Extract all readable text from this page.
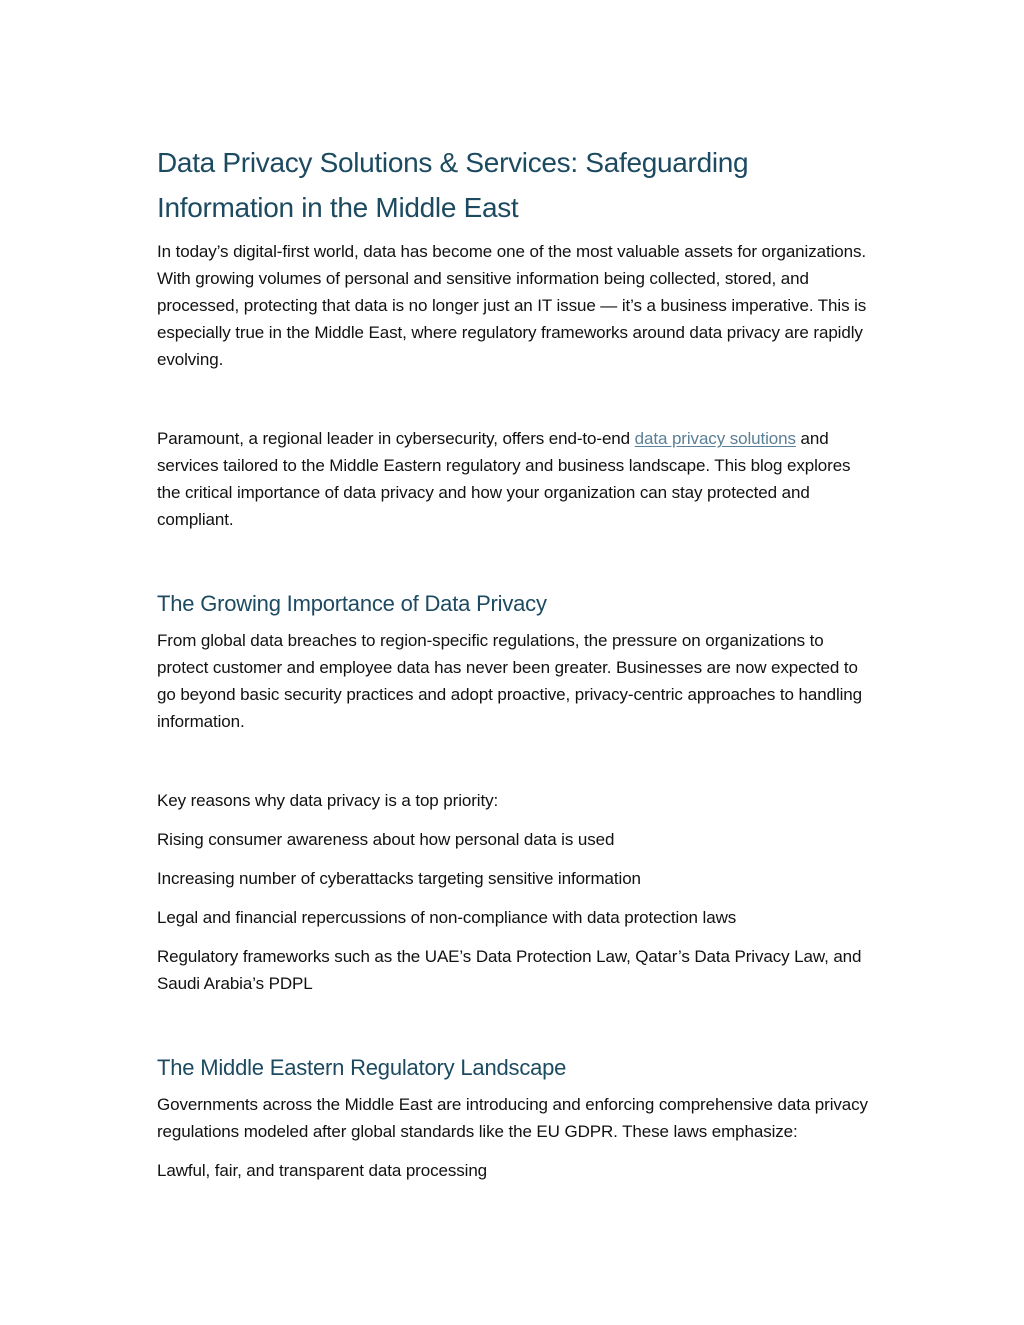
Data Privacy Solutions & Services: Safeguarding Information in the Middle East

In today’s digital-first world, data has become one of the most valuable assets for organizations. With growing volumes of personal and sensitive information being collected, stored, and processed, protecting that data is no longer just an IT issue — it’s a business imperative. This is especially true in the Middle East, where regulatory frameworks around data privacy are rapidly evolving.

Paramount, a regional leader in cybersecurity, offers end-to-end data privacy solutions and services tailored to the Middle Eastern regulatory and business landscape. This blog explores the critical importance of data privacy and how your organization can stay protected and compliant.

The Growing Importance of Data Privacy

From global data breaches to region-specific regulations, the pressure on organizations to protect customer and employee data has never been greater. Businesses are now expected to go beyond basic security practices and adopt proactive, privacy-centric approaches to handling information.

Key reasons why data privacy is a top priority:

Rising consumer awareness about how personal data is used

Increasing number of cyberattacks targeting sensitive information

Legal and financial repercussions of non-compliance with data protection laws

Regulatory frameworks such as the UAE’s Data Protection Law, Qatar’s Data Privacy Law, and Saudi Arabia’s PDPL

The Middle Eastern Regulatory Landscape

Governments across the Middle East are introducing and enforcing comprehensive data privacy regulations modeled after global standards like the EU GDPR. These laws emphasize:

Lawful, fair, and transparent data processing
